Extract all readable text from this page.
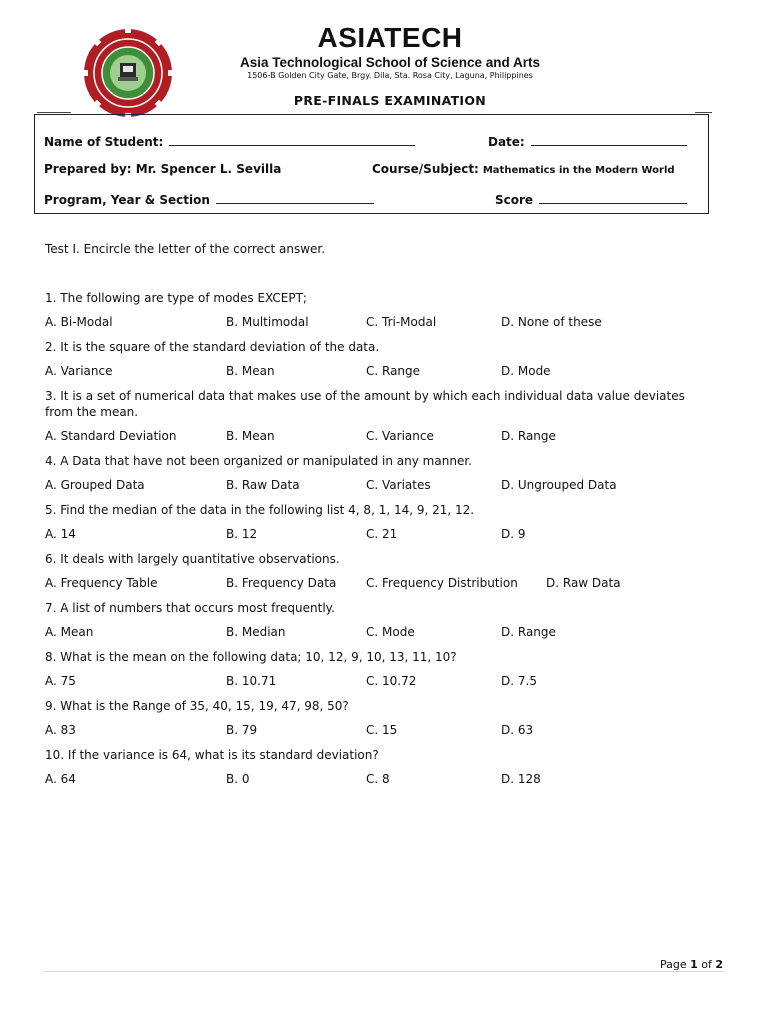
ASIATECH
Asia Technological School of Science and Arts
1506-B Golden City Gate, Brgy. Dila, Sta. Rosa City, Laguna, Philippines
PRE-FINALS EXAMINATION
Name of Student:	Date:
Prepared by: Mr. Spencer L. Sevilla	Course/Subject: Mathematics in the Modern World
Program, Year & Section	Score
Test I. Encircle the letter of the correct answer.

1. The following are type of modes EXCEPT;

A. Bi-Modal	B. Multimodal	C. Tri-Modal	D. None of these

2. It is the square of the standard deviation of the data.

A. Variance	B. Mean	C. Range	D. Mode

3. It is a set of numerical data that makes use of the amount by which each individual data value deviates from the mean.

A. Standard Deviation	B. Mean	C. Variance	D. Range

4. A Data that have not been organized or manipulated in any manner.

A. Grouped Data	B. Raw Data	C. Variates	D. Ungrouped Data

5. Find the median of the data in the following list 4, 8, 1, 14, 9, 21, 12.

A. 14	B. 12	C. 21	D. 9

6. It deals with largely quantitative observations.

A. Frequency Table	B. Frequency Data C. Frequency Distribution D. Raw Data

7. A list of numbers that occurs most frequently.

A. Mean	B. Median	C. Mode	D. Range

8. What is the mean on the following data; 10, 12, 9, 10, 13, 11, 10?

A. 75	B. 10.71	C. 10.72	D. 7.5

9. What is the Range of 35, 40, 15, 19, 47, 98, 50?

A. 83	B. 79	C. 15	D. 63

10. If the variance is 64, what is its standard deviation?

A. 64	B. 0	C. 8	D. 128
Page 1 of 2
